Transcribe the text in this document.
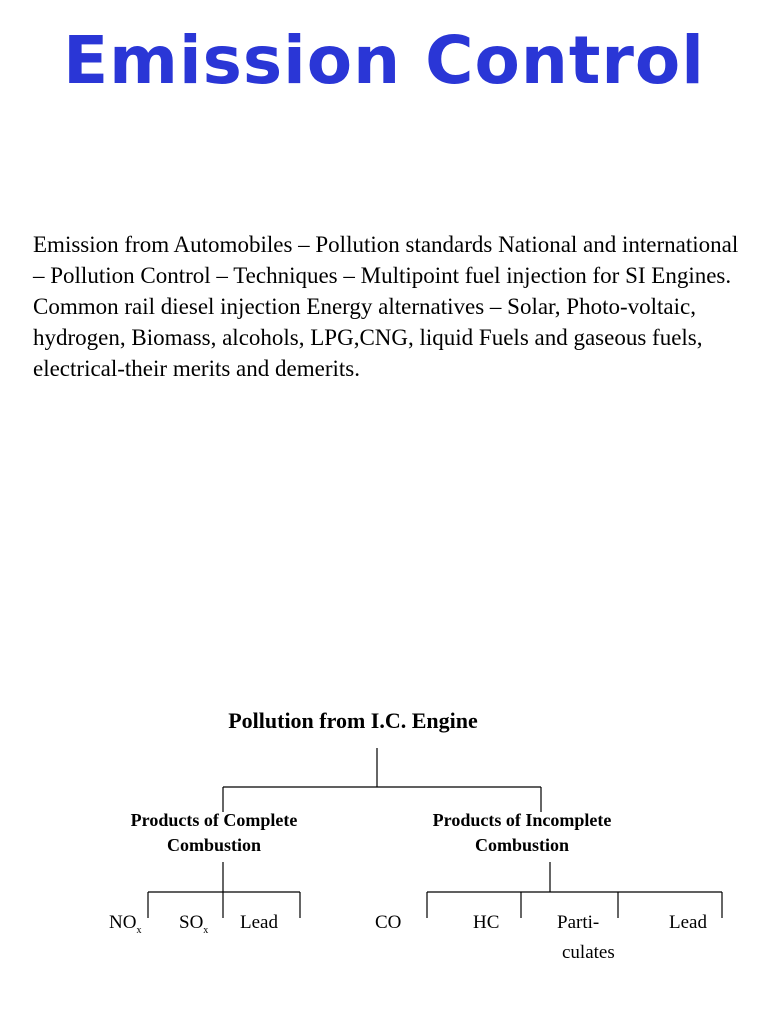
Emission Control

Emission from Automobiles – Pollution standards National and international – Pollution Control – Techniques – Multipoint fuel injection for SI Engines. Common rail diesel injection Energy alternatives – Solar, Photo-voltaic, hydrogen, Biomass, alcohols, LPG,CNG, liquid Fuels and gaseous fuels, electrical-their merits and demerits.

Pollution from I.C. Engine
Products of Complete
Combustion
Products of Incomplete
Combustion
$NO_x$ $SO_x$ Lead	CO	HC	Parti-
culates
Lead
